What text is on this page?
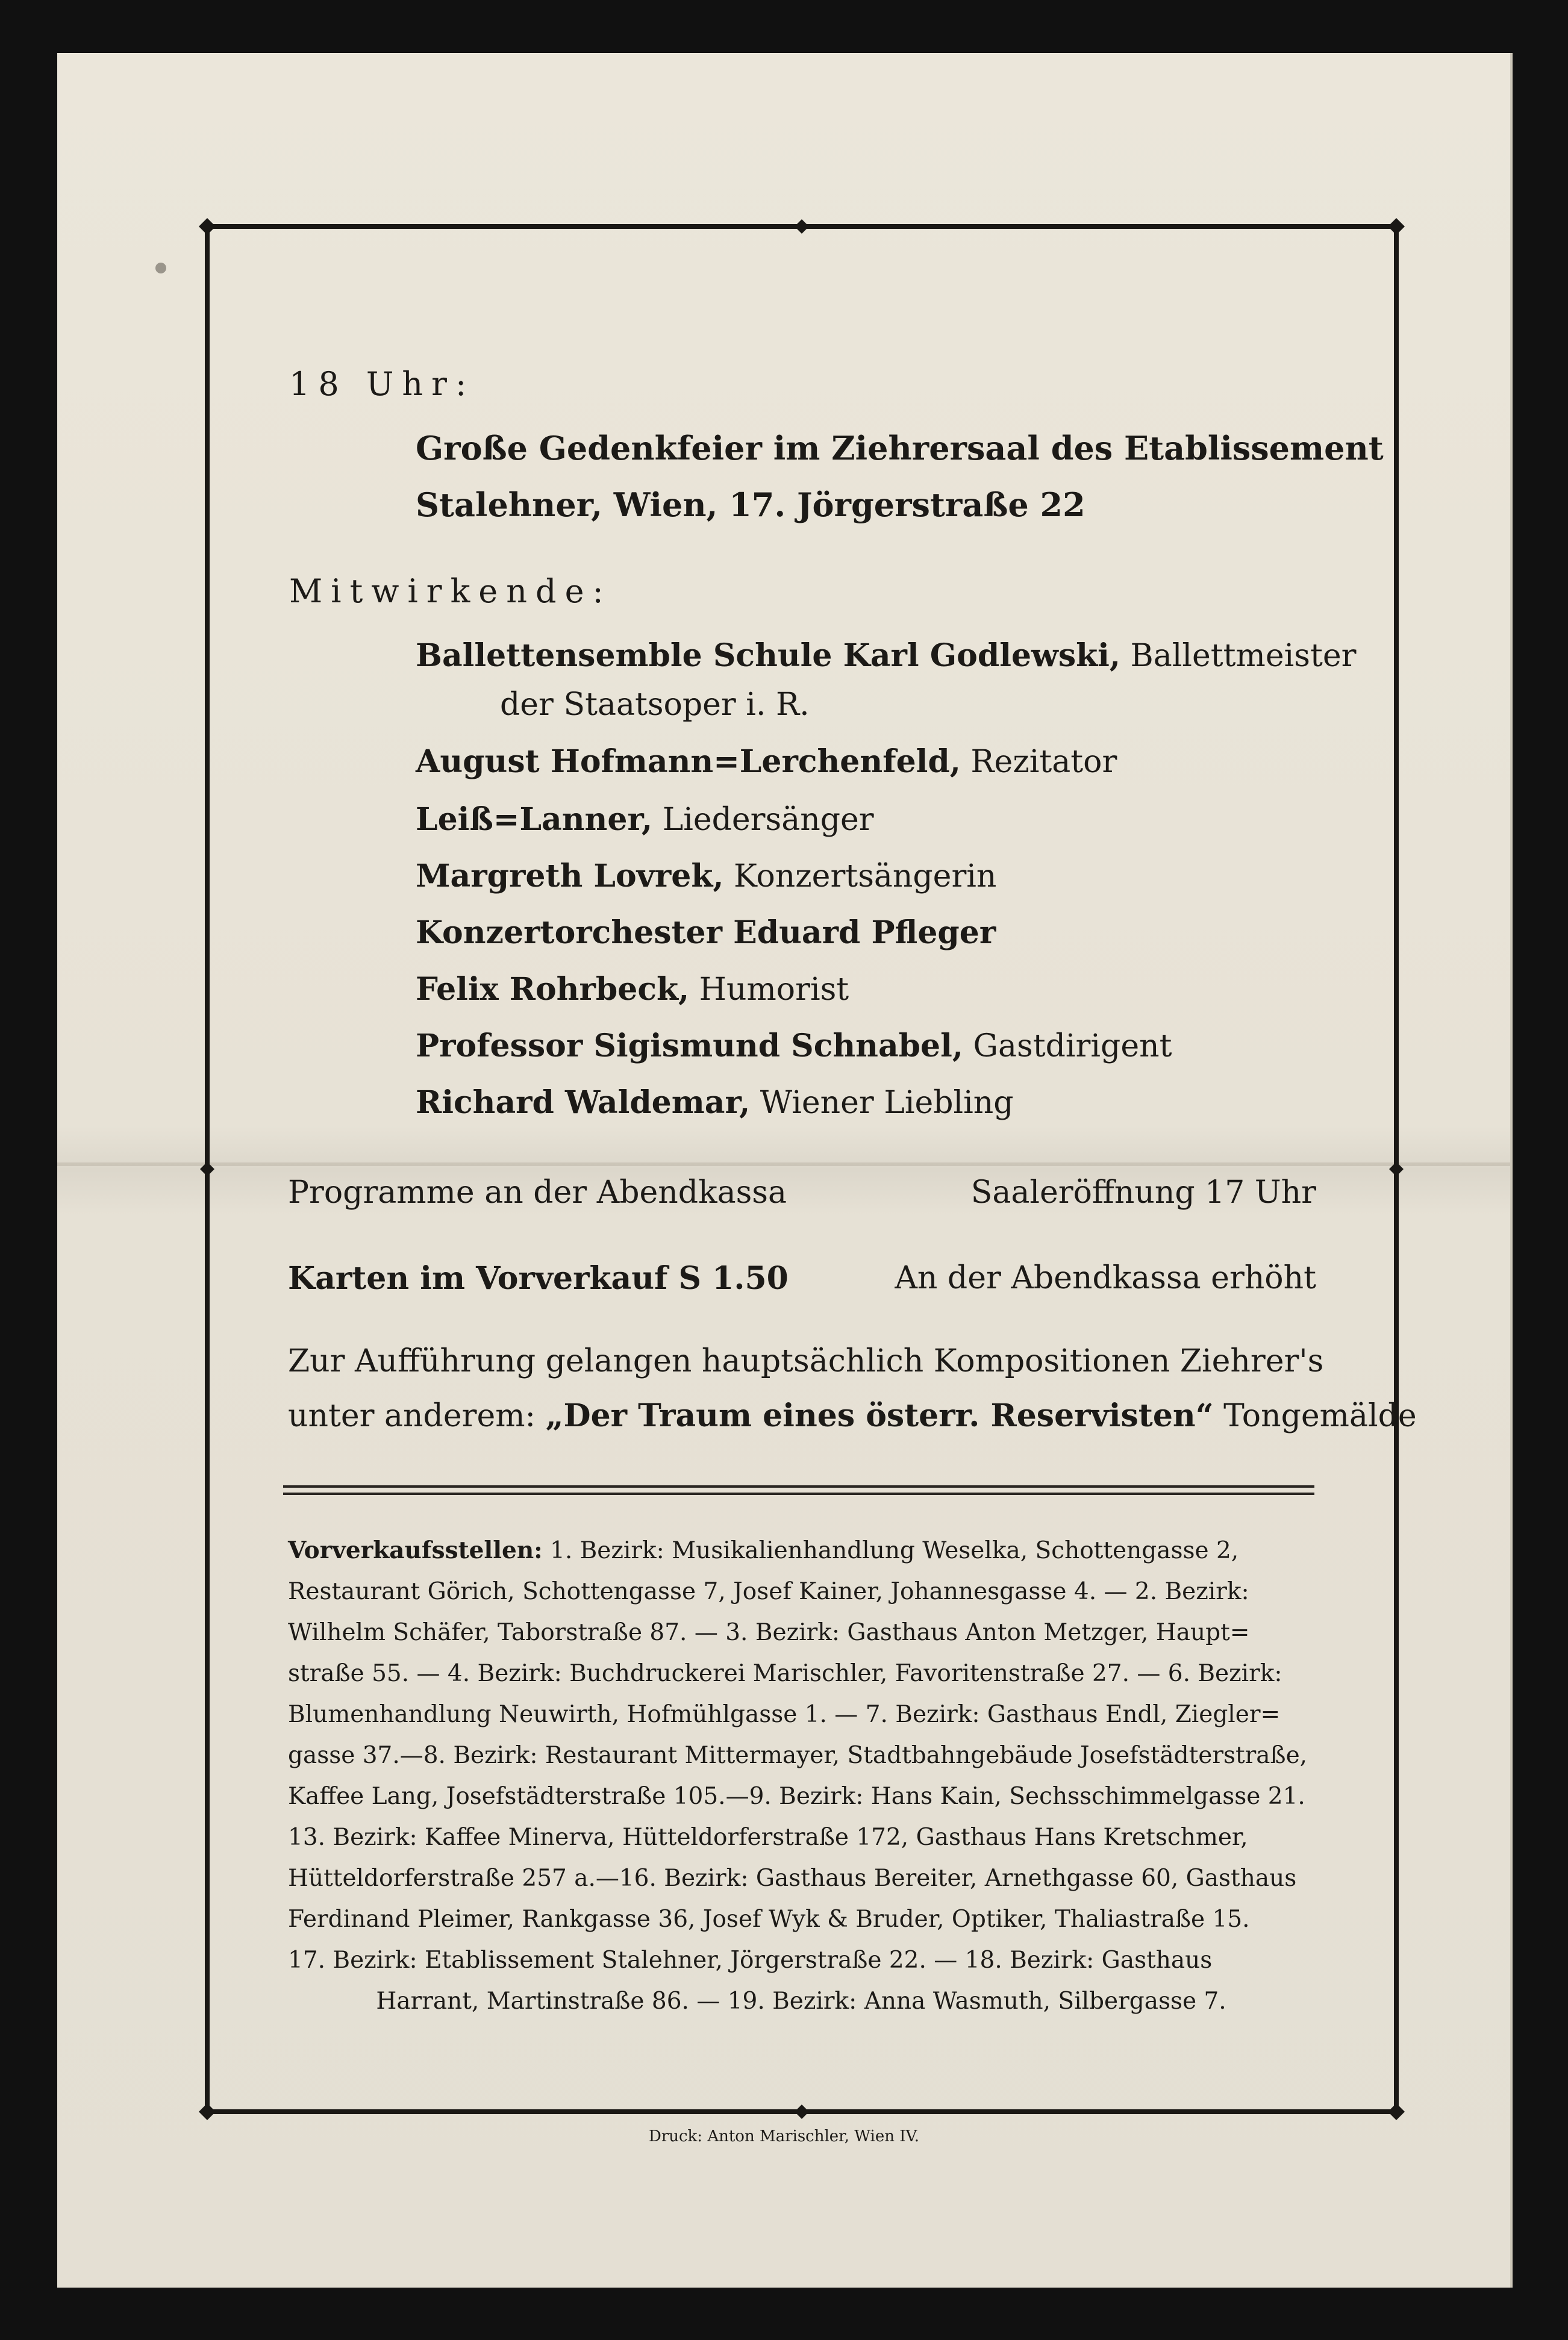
18 Uhr:
Große Gedenkfeier im Ziehrersaal des Etablissement
Stalehner, Wien, 17. Jörgerstraße 22
Mitwirkende:
Ballettensemble Schule Karl Godlewski, Ballettmeister
der Staatsoper i. R.
August Hofmann=Lerchenfeld, Rezitator
Leiß=Lanner, Liedersänger
Margreth Lovrek, Konzertsängerin
Konzertorchester Eduard Pfleger
Felix Rohrbeck, Humorist
Professor Sigismund Schnabel, Gastdirigent
Richard Waldemar, Wiener Liebling
Programme an der Abendkassa	Saaleröffnung 17 Uhr
Karten im Vorverkauf S 1.50	An der Abendkassa erhöht
Zur Aufführung gelangen hauptsächlich Kompositionen Ziehrer's
unter anderem: „Der Traum eines österr. Reservisten“ Tongemälde

Vorverkaufsstellen: 1. Bezirk: Musikalienhandlung Weselka, Schottengasse 2,

Restaurant Görich, Schottengasse 7, Josef Kainer, Johannesgasse 4. — 2. Bezirk:

Wilhelm Schäfer, Taborstraße 87. — 3. Bezirk: Gasthaus Anton Metzger, Haupt=

straße 55. — 4. Bezirk: Buchdruckerei Marischler, Favoritenstraße 27. — 6. Bezirk:

Blumenhandlung Neuwirth, Hofmühlgasse 1. — 7. Bezirk: Gasthaus Endl, Ziegler=

gasse 37.—8. Bezirk: Restaurant Mittermayer, Stadtbahngebäude Josefstädterstraße,

Kaffee Lang, Josefstädterstraße 105.—9. Bezirk: Hans Kain, Sechsschimmelgasse 21.

13. Bezirk: Kaffee Minerva, Hütteldorferstraße 172, Gasthaus Hans Kretschmer,

Hütteldorferstraße 257 a.—16. Bezirk: Gasthaus Bereiter, Arnethgasse 60, Gasthaus

Ferdinand Pleimer, Rankgasse 36, Josef Wyk & Bruder, Optiker, Thaliastraße 15.

17. Bezirk: Etablissement Stalehner, Jörgerstraße 22. — 18. Bezirk: Gasthaus

Harrant, Martinstraße 86. — 19. Bezirk: Anna Wasmuth, Silbergasse 7.

Druck: Anton Marischler, Wien IV.
